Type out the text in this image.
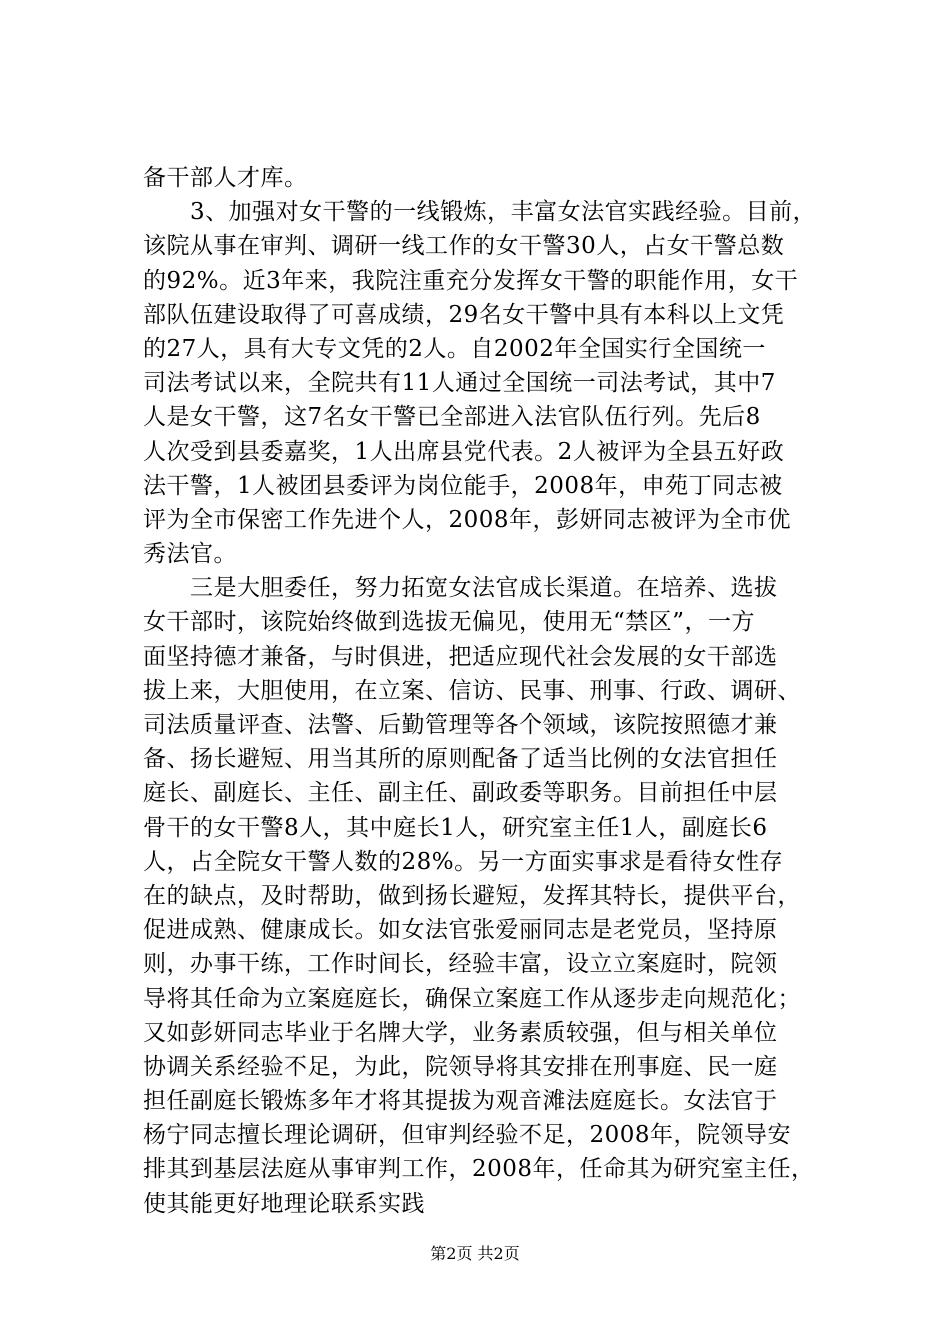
备干部人才库。
　　3、加强对女干警的一线锻炼，丰富女法官实践经验。目前，
该院从事在审判、调研一线工作的女干警30人，占女干警总数
的92%。近3年来，我院注重充分发挥女干警的职能作用，女干
部队伍建设取得了可喜成绩，29名女干警中具有本科以上文凭
的27人，具有大专文凭的2人。自2002年全国实行全国统一
司法考试以来，全院共有11人通过全国统一司法考试，其中7
人是女干警，这7名女干警已全部进入法官队伍行列。先后8
人次受到县委嘉奖，1人出席县党代表。2人被评为全县五好政
法干警，1人被团县委评为岗位能手，2008年，申苑丁同志被
评为全市保密工作先进个人，2008年，彭妍同志被评为全市优
秀法官。
　　三是大胆委任，努力拓宽女法官成长渠道。在培养、选拔
女干部时，该院始终做到选拔无偏见，使用无“禁区”，一方
面坚持德才兼备，与时俱进，把适应现代社会发展的女干部选
拔上来，大胆使用，在立案、信访、民事、刑事、行政、调研、
司法质量评查、法警、后勤管理等各个领域，该院按照德才兼
备、扬长避短、用当其所的原则配备了适当比例的女法官担任
庭长、副庭长、主任、副主任、副政委等职务。目前担任中层
骨干的女干警8人，其中庭长1人，研究室主任1人，副庭长6
人，占全院女干警人数的28%。另一方面实事求是看待女性存
在的缺点，及时帮助，做到扬长避短，发挥其特长，提供平台，
促进成熟、健康成长。如女法官张爱丽同志是老党员，坚持原
则，办事干练，工作时间长，经验丰富，设立立案庭时，院领
导将其任命为立案庭庭长，确保立案庭工作从逐步走向规范化；
又如彭妍同志毕业于名牌大学，业务素质较强，但与相关单位
协调关系经验不足，为此，院领导将其安排在刑事庭、民一庭
担任副庭长锻炼多年才将其提拔为观音滩法庭庭长。女法官于
杨宁同志擅长理论调研，但审判经验不足，2008年，院领导安
排其到基层法庭从事审判工作，2008年，任命其为研究室主任，
使其能更好地理论联系实践
第2页 共2页
